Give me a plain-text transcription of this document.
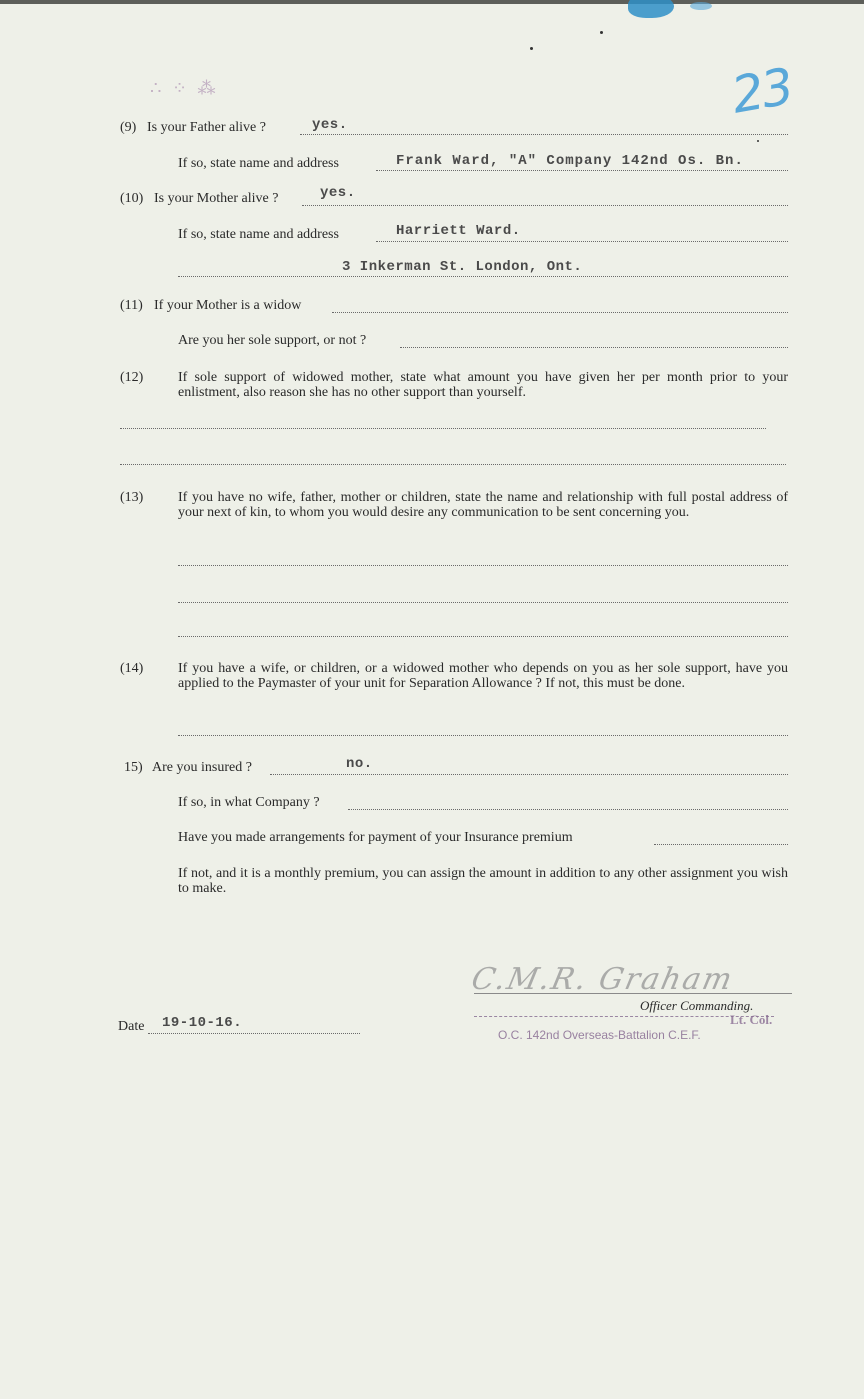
23
∴ ⁘ ⁂
(9) Is your Father alive ?	yes.
If so, state name and address	Frank Ward, "A" Company 142nd Os. Bn.
(10) Is your Mother alive ?	yes.
If so, state name and address	Harriett Ward.
3 Inkerman St. London, Ont.
(11) If your Mother is a widow
Are you her sole support, or not ?
(12) If sole support of widowed mother, state what amount you have given her per month prior to your enlistment, also reason she has no other support than yourself.
(13) If you have no wife, father, mother or children, state the name and relationship with full postal address of your next of kin, to whom you would desire any communication to be sent concerning you.
(14) If you have a wife, or children, or a widowed mother who depends on you as her sole support, have you applied to the Paymaster of your unit for Separation Allowance ? If not, this must be done.
15) Are you insured ?	no.
If so, in what Company ?
Have you made arrangements for payment of your Insurance premium
If not, and it is a monthly premium, you can assign the amount in addition to any other assignment you wish to make.
C.M.R. Graham
Officer Commanding.
Lt. Col.
O.C. 142nd Overseas-Battalion C.E.F.
Date 19-10-16.
